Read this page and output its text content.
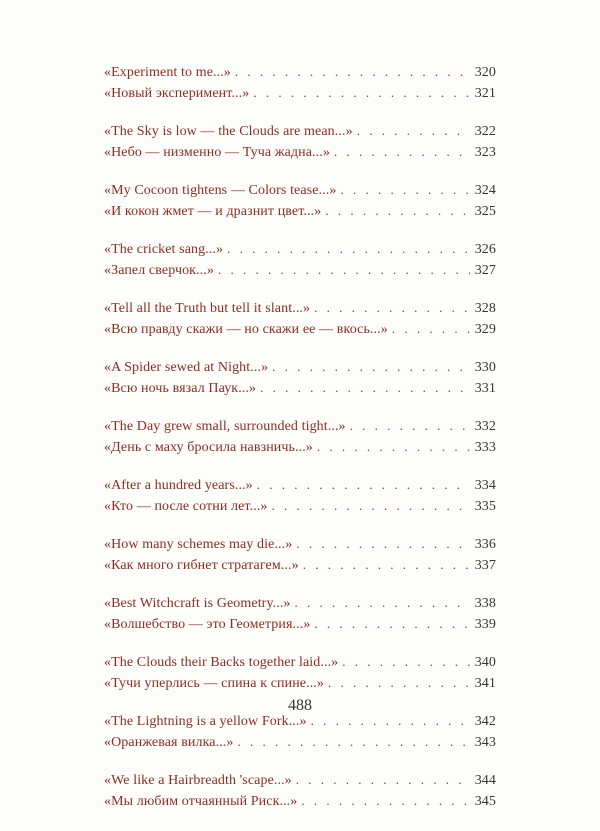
«Experiment to me...» . . .	320
«Новый эксперимент...» . . .	321
«The Sky is low — the Clouds are mean...» . . .	322
«Небо — низменно — Туча жадна...» . . .	323
«My Cocoon tightens — Colors tease...» . . .	324
«И кокон жмет — и дразнит цвет...» . . .	325
«The cricket sang...» . . .	326
«Запел сверчок...» . . .	327
«Tell all the Truth but tell it slant...» . . .	328
«Всю правду скажи — но скажи ее — вкось...» . . .	329
«A Spider sewed at Night...» . . .	330
«Всю ночь вязал Паук...» . . .	331
«The Day grew small, surrounded tight...» . . .	332
«День с маху бросила навзничь...» . . .	333
«After a hundred years...» . . .	334
«Кто — после сотни лет...» . . .	335
«How many schemes may die...» . . .	336
«Как много гибнет стратагем...» . . .	337
«Best Witchcraft is Geometry...» . . .	338
«Волшебство — это Геометрия...» . . .	339
«The Clouds their Backs together laid...» . . .	340
«Тучи уперлись — спина к спине...» . . .	341
«The Lightning is a yellow Fork...» . . .	342
«Оранжевая вилка...» . . .	343
«We like a Hairbreadth 'scape...» . . .	344
«Мы любим отчаянный Риск...» . . .	345
488
